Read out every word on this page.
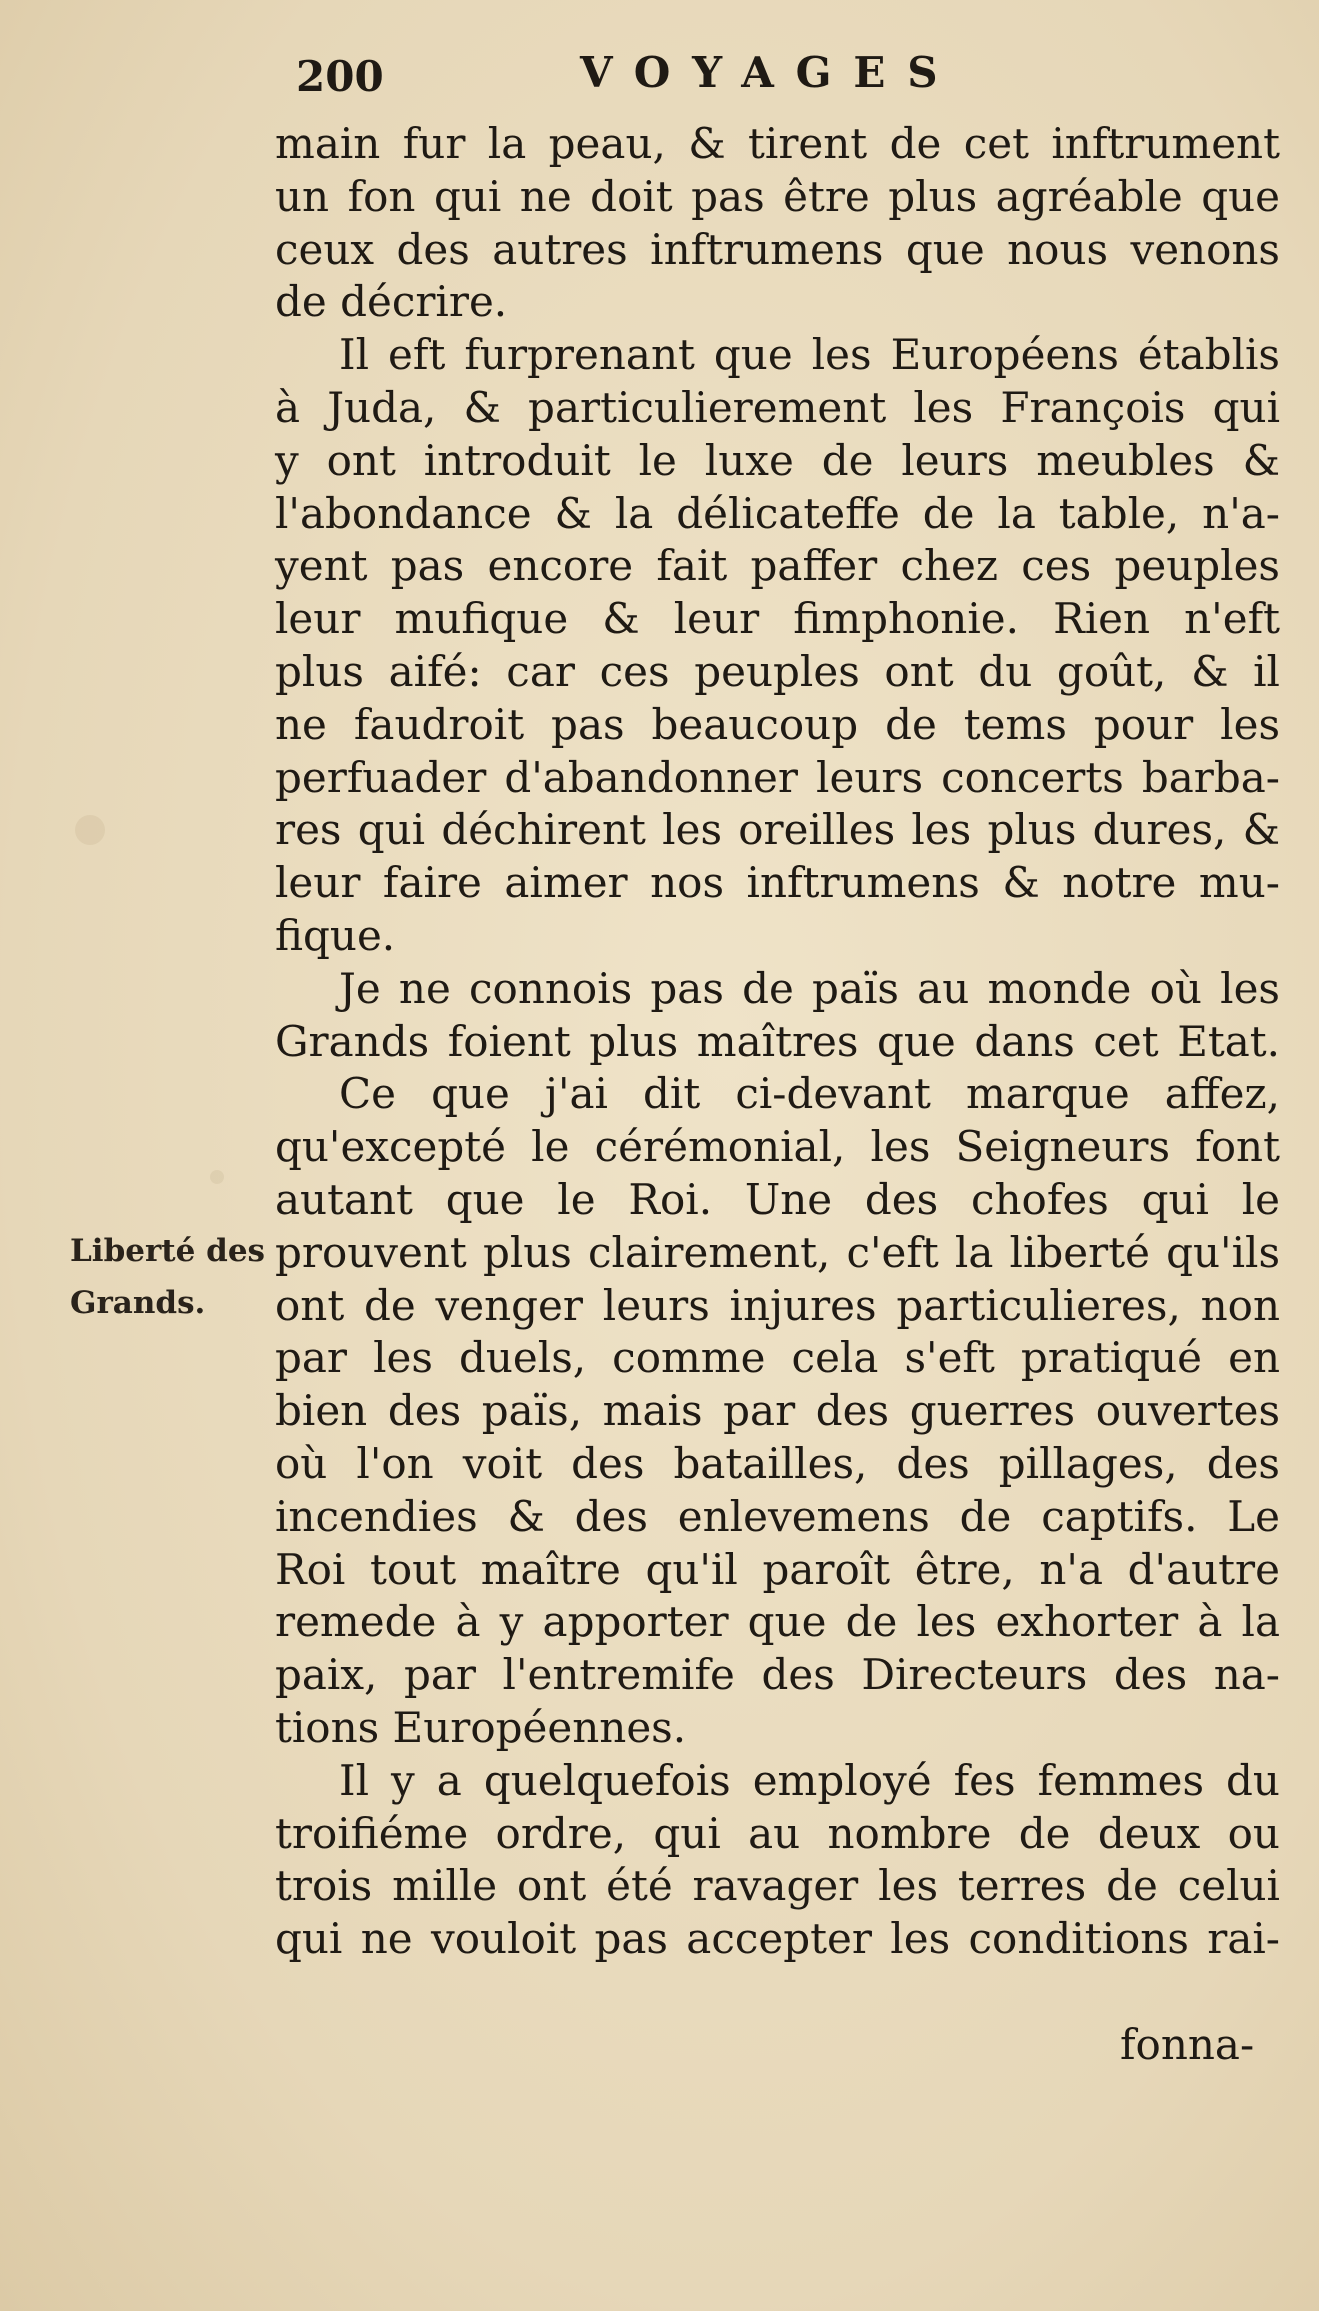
200	VOYAGES
Liberté des
Grands.
main fur la peau, & tirent de cet inftrument
un fon qui ne doit pas être plus agréable que
ceux des autres inftrumens que nous venons
de décrire.
Il eft furprenant que les Européens établis
à Juda, & particulierement les François qui
y ont introduit le luxe de leurs meubles &
l'abondance & la délicateffe de la table, n'a-
yent pas encore fait paffer chez ces peuples
leur mufique & leur fimphonie. Rien n'eft
plus aifé: car ces peuples ont du goût, & il
ne faudroit pas beaucoup de tems pour les
perfuader d'abandonner leurs concerts barba-
res qui déchirent les oreilles les plus dures, &
leur faire aimer nos inftrumens & notre mu-
fique.
Je ne connois pas de païs au monde où les
Grands foient plus maîtres que dans cet Etat.
Ce que j'ai dit ci-devant marque affez,
qu'excepté le cérémonial, les Seigneurs font
autant que le Roi. Une des chofes qui le
prouvent plus clairement, c'eft la liberté qu'ils
ont de venger leurs injures particulieres, non
par les duels, comme cela s'eft pratiqué en
bien des païs, mais par des guerres ouvertes
où l'on voit des batailles, des pillages, des
incendies & des enlevemens de captifs. Le
Roi tout maître qu'il paroît être, n'a d'autre
remede à y apporter que de les exhorter à la
paix, par l'entremife des Directeurs des na-
tions Européennes.
Il y a quelquefois employé fes femmes du
troifiéme ordre, qui au nombre de deux ou
trois mille ont été ravager les terres de celui
qui ne vouloit pas accepter les conditions rai-
fonna-
